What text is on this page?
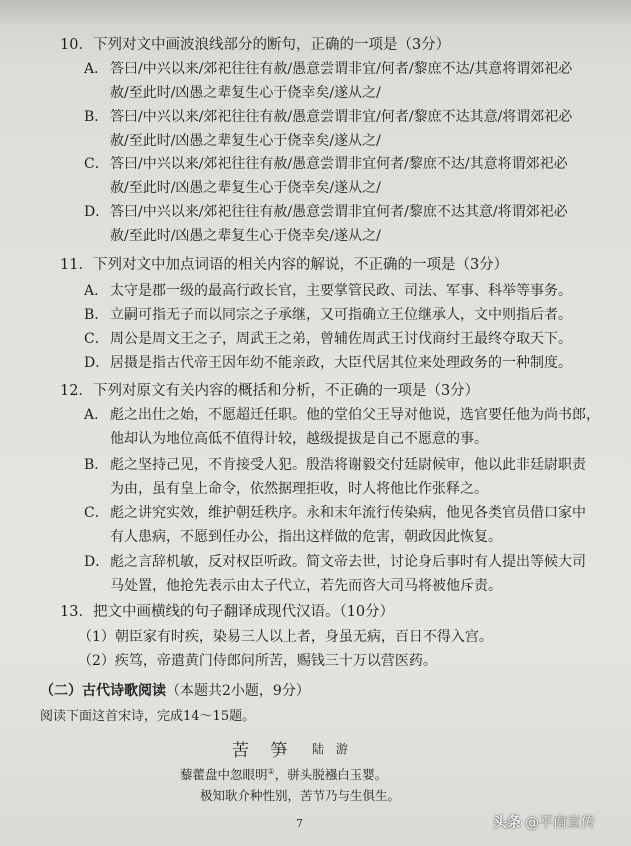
10．下列对文中画波浪线部分的断句，正确的一项是（3分）
A． 答曰/中兴以来/郊祀往往有赦/愚意尝谓非宜/何者/黎庶不达/其意将谓郊祀必
赦/至此时/凶愚之辈复生心于侥幸矣/遂从之/
B． 答曰/中兴以来/郊祀往往有赦/愚意尝谓非宜/何者/黎庶不达其意/将谓郊祀必
赦/至此时/凶愚之辈复生心于侥幸矣/遂从之/
C．答曰/中兴以来/郊祀往往有赦/愚意尝谓非宜何者/黎庶不达/其意将谓郊祀必
赦/至此时/凶愚之辈复生心于侥幸矣/遂从之/
D．答曰/中兴以来/郊祀往往有赦/愚意尝谓非宜何者/黎庶不达其意/将谓郊祀必
赦/至此时/凶愚之辈复生心于侥幸矣/遂从之/
11．下列对文中加点词语的相关内容的解说，不正确的一项是（3分）
A． 太守是郡一级的最高行政长官，主要掌管民政、司法、军事、科举等事务。
B． 立嗣可指无子而以同宗之子承继，又可指确立王位继承人，文中则指后者。
C．周公是周文王之子，周武王之弟，曾辅佐周武王讨伐商纣王最终夺取天下。
D．居摄是指古代帝王因年幼不能亲政，大臣代居其位来处理政务的一种制度。
12．下列对原文有关内容的概括和分析，不正确的一项是（3分）
A． 彪之出仕之始，不愿超迁任职。他的堂伯父王导对他说，选官要任他为尚书郎，
他却认为地位高低不值得计较，越级提拔是自己不愿意的事。
B． 彪之坚持己见，不肯接受人犯。殷浩将谢毅交付廷尉候审，他以此非廷尉职责
为由，虽有皇上命令，依然据理拒收，时人将他比作张释之。
C．彪之讲究实效，维护朝廷秩序。永和末年流行传染病，他见各类官员借口家中
有人患病，不愿到任办公，指出这样做的危害，朝政因此恢复。
D．彪之言辞机敏，反对权臣听政。简文帝去世，讨论身后事时有人提出等候大司
马处置，他抢先表示由太子代立，若先而咨大司马将被他斥责。
13．把文中画横线的句子翻译成现代汉语。（10分）
（1）朝臣家有时疾，染易三人以上者，身虽无病，百日不得入宫。
（2）疾笃，帝遣黄门侍郎问所苦，赐钱三十万以营医药。
（二）古代诗歌阅读（本题共2小题，9分）
阅读下面这首宋诗，完成14～15题。
苦 笋 陆 游
藜藿盘中忽眼明①，骈头脱襁白玉婴。
极知耿介种性别，苦节乃与生俱生。
7	头条 @平南宣传
